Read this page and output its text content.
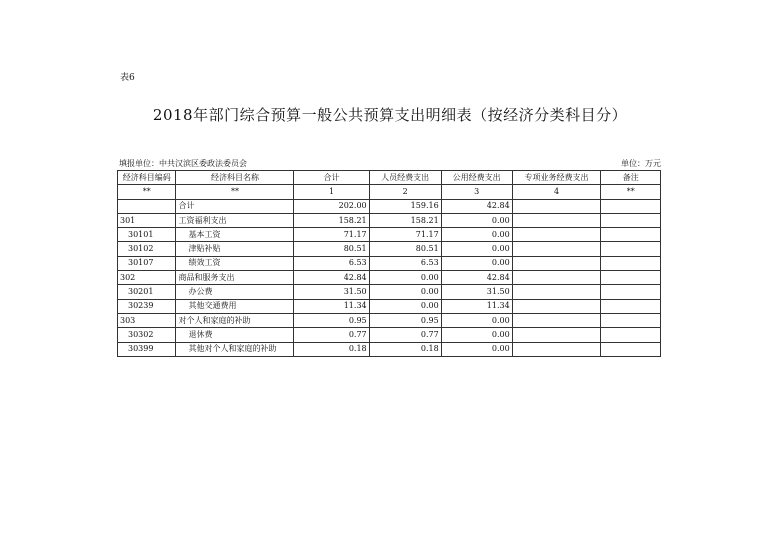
表6
2018年部门综合预算一般公共预算支出明细表（按经济分类科目分）
填报单位：中共汉滨区委政法委员会	单位：万元
经济科目编码	经济科目名称	合计	人员经费支出	公用经费支出	专项业务经费支出	备注
**	**	1	2	3	4	**
	合计	202.00	159.16	42.84		
301	工资福利支出	158.21	158.21	0.00		
30101	基本工资	71.17	71.17	0.00		
30102	津贴补贴	80.51	80.51	0.00		
30107	绩效工资	6.53	6.53	0.00		
302	商品和服务支出	42.84	0.00	42.84		
30201	办公费	31.50	0.00	31.50		
30239	其他交通费用	11.34	0.00	11.34		
303	对个人和家庭的补助	0.95	0.95	0.00		
30302	退休费	0.77	0.77	0.00		
30399	其他对个人和家庭的补助	0.18	0.18	0.00		
